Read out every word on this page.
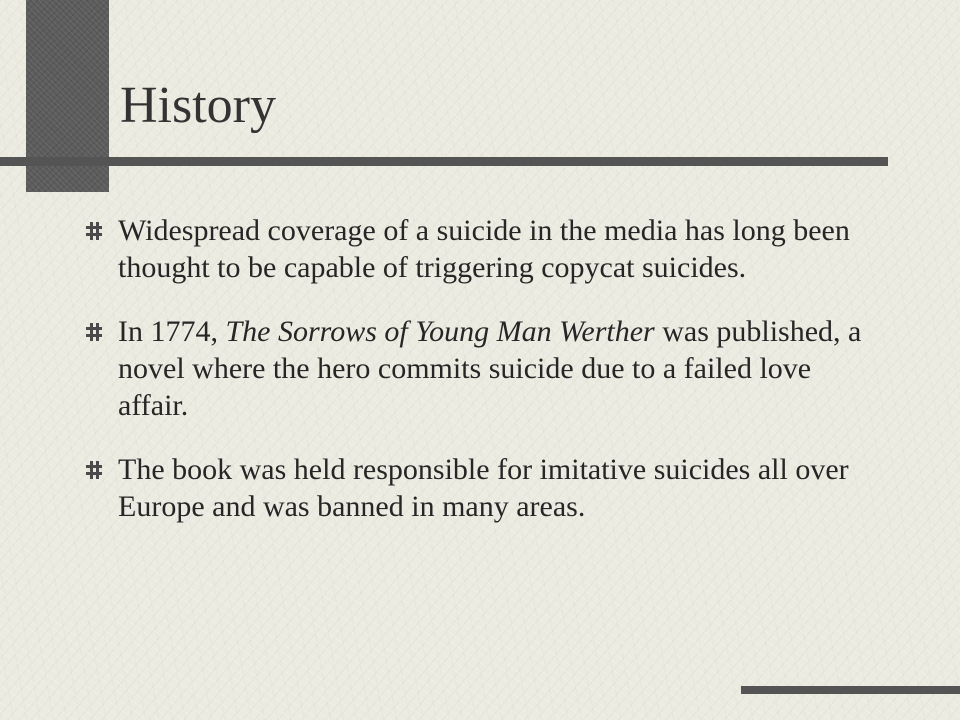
History
Widespread coverage of a suicide in the media has long been thought to be capable of triggering copycat suicides.
In 1774, The Sorrows of Young Man Werther was published, a novel where the hero commits suicide due to a failed love affair.
The book was held responsible for imitative suicides all over Europe and was banned in many areas.
